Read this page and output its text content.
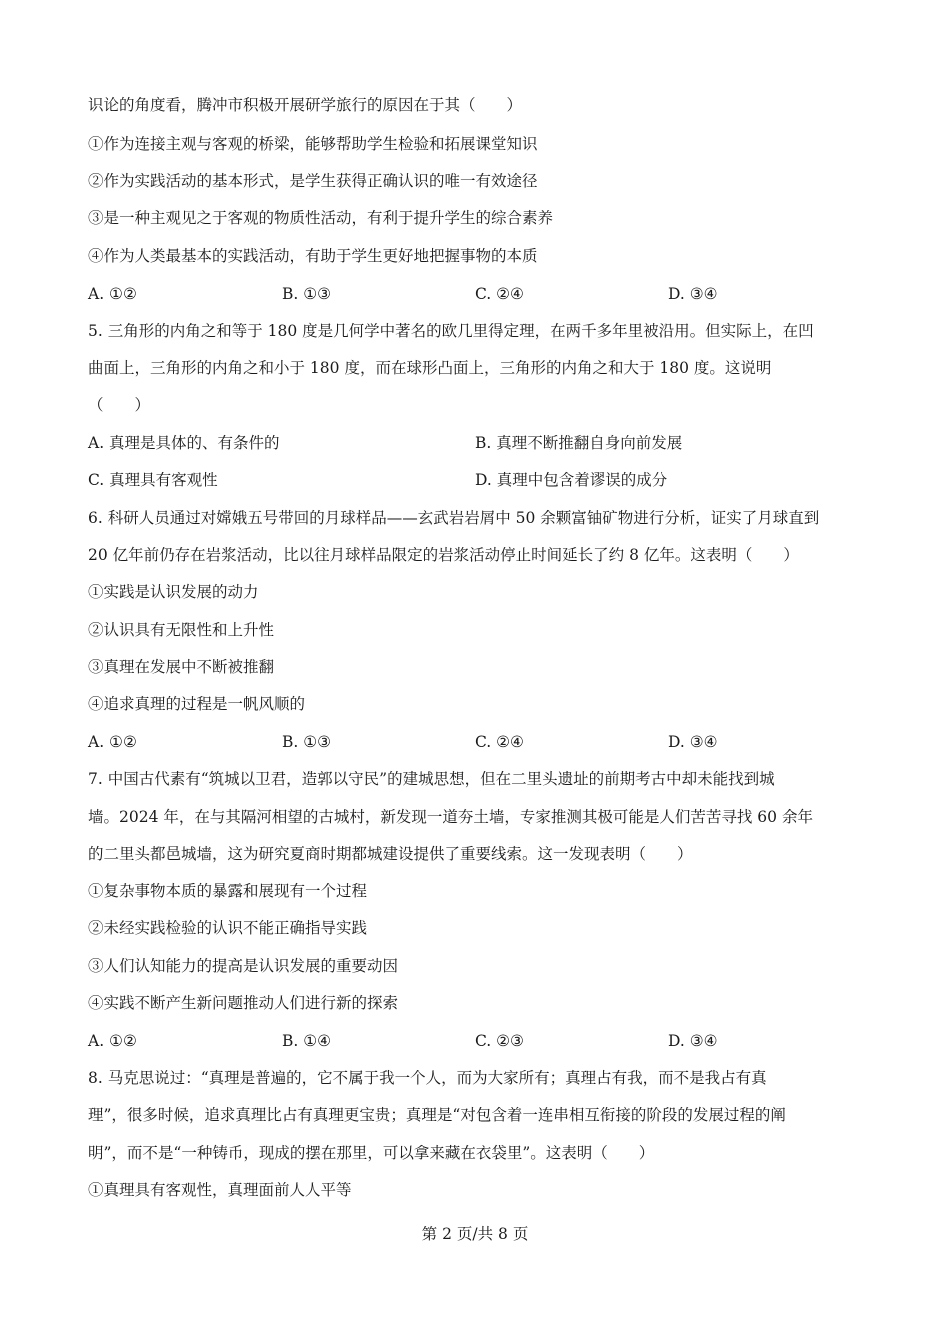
识论的角度看，腾冲市积极开展研学旅行的原因在于其（　　）
①作为连接主观与客观的桥梁，能够帮助学生检验和拓展课堂知识
②作为实践活动的基本形式，是学生获得正确认识的唯一有效途径
③是一种主观见之于客观的物质性活动，有利于提升学生的综合素养
④作为人类最基本的实践活动，有助于学生更好地把握事物的本质
A. ①②	B. ①③	C. ②④	D. ③④
5. 三角形的内角之和等于 180 度是几何学中著名的欧几里得定理，在两千多年里被沿用。但实际上，在凹
曲面上，三角形的内角之和小于 180 度，而在球形凸面上，三角形的内角之和大于 180 度。这说明
（　　）
A. 真理是具体的、有条件的	B. 真理不断推翻自身向前发展
C. 真理具有客观性	D. 真理中包含着谬误的成分
6. 科研人员通过对嫦娥五号带回的月球样品——玄武岩岩屑中 50 余颗富铀矿物进行分析，证实了月球直到
20 亿年前仍存在岩浆活动，比以往月球样品限定的岩浆活动停止时间延长了约 8 亿年。这表明（　　）
①实践是认识发展的动力
②认识具有无限性和上升性
③真理在发展中不断被推翻
④追求真理的过程是一帆风顺的
A. ①②	B. ①③	C. ②④	D. ③④
7. 中国古代素有“筑城以卫君，造郭以守民”的建城思想，但在二里头遗址的前期考古中却未能找到城
墙。2024 年，在与其隔河相望的古城村，新发现一道夯土墙，专家推测其极可能是人们苦苦寻找 60 余年
的二里头都邑城墙，这为研究夏商时期都城建设提供了重要线索。这一发现表明（　　）
①复杂事物本质的暴露和展现有一个过程
②未经实践检验的认识不能正确指导实践
③人们认知能力的提高是认识发展的重要动因
④实践不断产生新问题推动人们进行新的探索
A. ①②	B. ①④	C. ②③	D. ③④
8. 马克思说过：“真理是普遍的，它不属于我一个人，而为大家所有；真理占有我，而不是我占有真
理”，很多时候，追求真理比占有真理更宝贵；真理是“对包含着一连串相互衔接的阶段的发展过程的阐
明”，而不是“一种铸币，现成的摆在那里，可以拿来藏在衣袋里”。这表明（　　）
①真理具有客观性，真理面前人人平等
第 2 页/共 8 页
